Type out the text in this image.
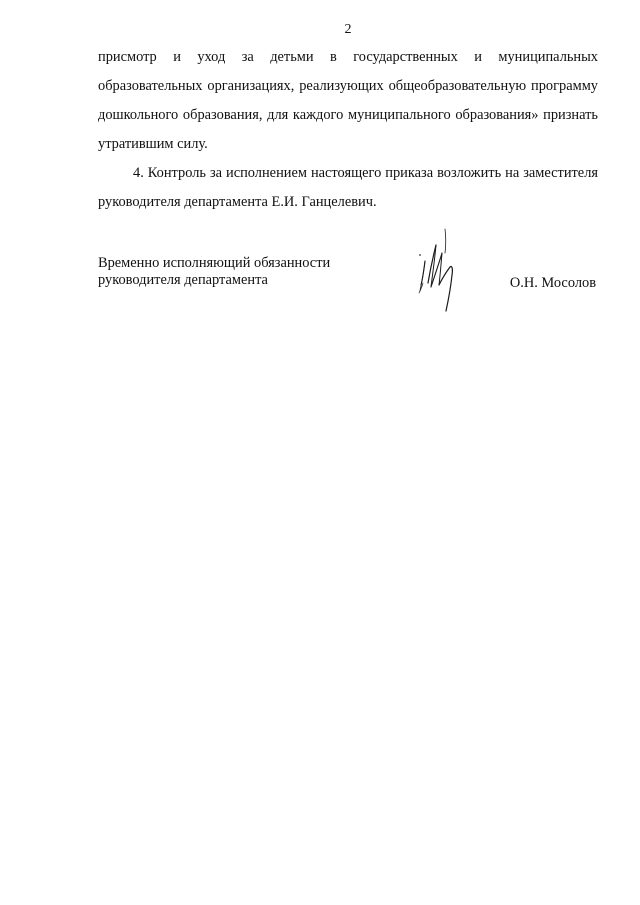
2

присмотр и уход за детьми в государственных и муниципальных образовательных организациях, реализующих общеобразовательную программу дошкольного образования, для каждого муниципального образования» признать утратившим силу.

4. Контроль за исполнением настоящего приказа возложить на заместителя руководителя департамента Е.И. Ганцелевич.

Временно исполняющий обязанности
руководителя департамента	О.Н. Мосолов
